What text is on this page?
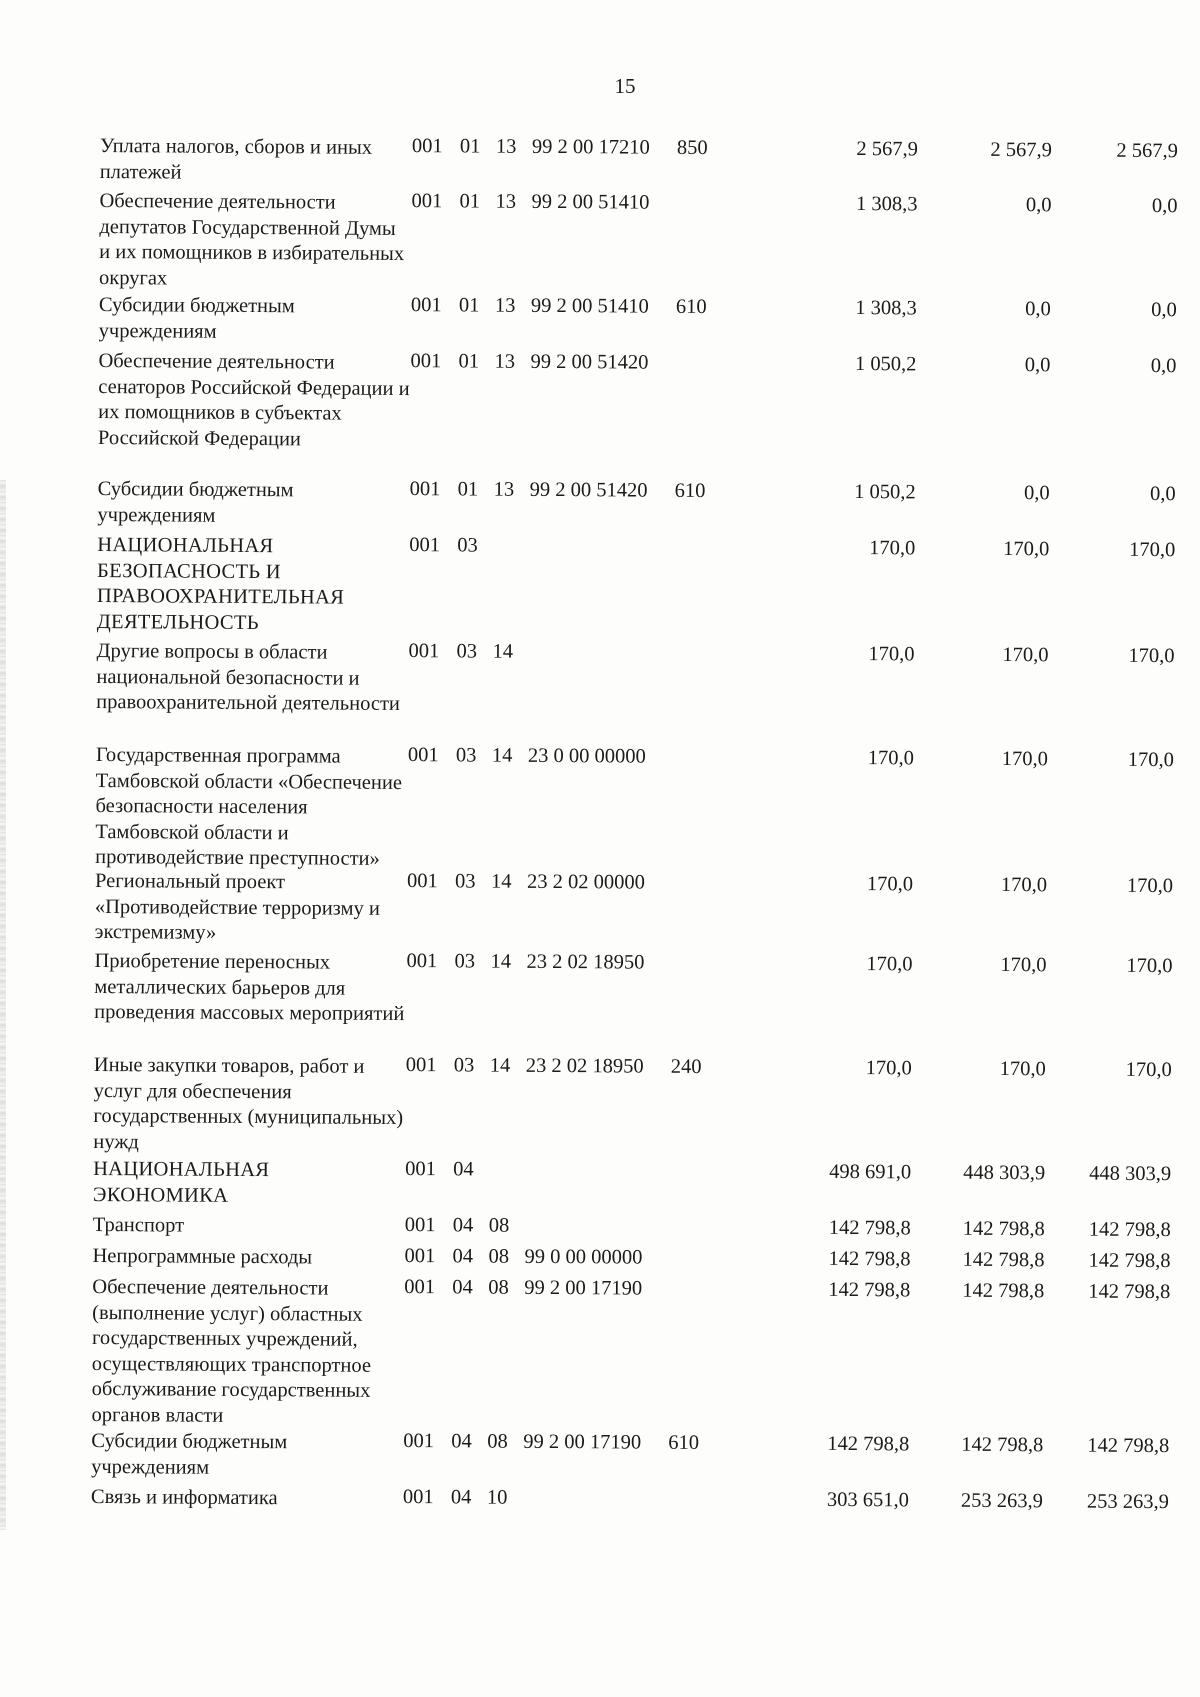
15
Уплата налогов, сборов и иных платежей
001 01 13 99 2 00 17210	850	2 567,9	2 567,9	2 567,9
Обеспечение деятельности депутатов Государственной Думы и их помощников в избирательных округах
001 01 13 99 2 00 51410	1 308,3	0,0	0,0
Субсидии бюджетным учреждениям
001 01 13 99 2 00 51410	610	1 308,3	0,0	0,0
Обеспечение деятельности сенаторов Российской Федерации и их помощников в субъектах Российской Федерации
001 01 13 99 2 00 51420	1 050,2	0,0	0,0
Субсидии бюджетным учреждениям
001 01 13 99 2 00 51420	610	1 050,2	0,0	0,0
НАЦИОНАЛЬНАЯ БЕЗОПАСНОСТЬ И ПРАВООХРАНИТЕЛЬНАЯ ДЕЯТЕЛЬНОСТЬ
001 03	170,0	170,0	170,0
Другие вопросы в области национальной безопасности и правоохранительной деятельности
001 03 14	170,0	170,0	170,0
Государственная программа Тамбовской области «Обеспечение безопасности населения Тамбовской области и противодействие преступности»
001 03 14 23 0 00 00000	170,0	170,0	170,0
Региональный проект «Противодействие терроризму и экстремизму»
001 03 14 23 2 02 00000	170,0	170,0	170,0
Приобретение переносных металлических барьеров для проведения массовых мероприятий
001 03 14 23 2 02 18950	170,0	170,0	170,0
Иные закупки товаров, работ и услуг для обеспечения государственных (муниципальных) нужд
001 03 14 23 2 02 18950	240	170,0	170,0	170,0
НАЦИОНАЛЬНАЯ ЭКОНОМИКА
001 04	498 691,0	448 303,9	448 303,9
Транспорт	001 04 08	142 798,8	142 798,8	142 798,8
Непрограммные расходы	001 04 08 99 0 00 00000	142 798,8	142 798,8	142 798,8
Обеспечение деятельности (выполнение услуг) областных государственных учреждений, осуществляющих транспортное обслуживание государственных органов власти
001 04 08 99 2 00 17190	142 798,8	142 798,8	142 798,8
Субсидии бюджетным учреждениям
001 04 08 99 2 00 17190	610	142 798,8	142 798,8	142 798,8
Связь и информатика	001 04 10	303 651,0	253 263,9	253 263,9
